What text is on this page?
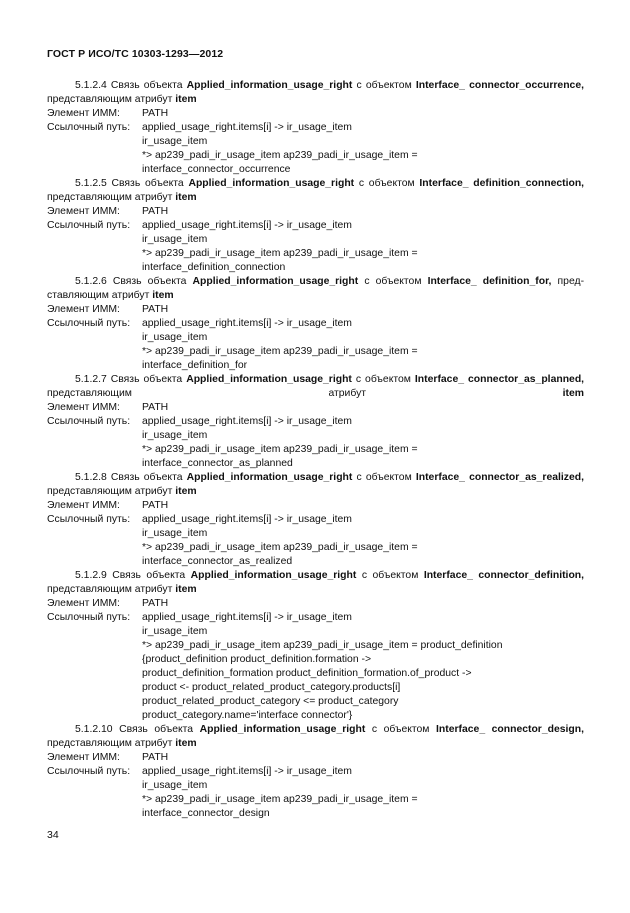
ГОСТ Р ИСО/ТС 10303-1293—2012
5.1.2.4 Связь объекта Applied_information_usage_right с объектом Interface_ connector_occurrence, представляющим атрибут item
Элемент ИММ:	PATH
Ссылочный путь:	applied_usage_right.items[i] -> ir_usage_item
ir_usage_item
*> ap239_padi_ir_usage_item ap239_padi_ir_usage_item =
interface_connector_occurrence
5.1.2.5 Связь объекта Applied_information_usage_right с объектом Interface_ definition_connection, представляющим атрибут item
Элемент ИММ:	PATH
Ссылочный путь:	applied_usage_right.items[i] -> ir_usage_item
ir_usage_item
*> ap239_padi_ir_usage_item ap239_padi_ir_usage_item =
interface_definition_connection
5.1.2.6 Связь объекта Applied_information_usage_right с объектом Interface_ definition_for, пред-ставляющим атрибут item
Элемент ИММ:	PATH
Ссылочный путь:	applied_usage_right.items[i] -> ir_usage_item
ir_usage_item
*> ap239_padi_ir_usage_item ap239_padi_ir_usage_item =
interface_definition_for
5.1.2.7 Связь объекта Applied_information_usage_right с объектом Interface_ connector_as_planned, представляющим атрибут	item
Элемент ИММ:	PATH
Ссылочный путь:	applied_usage_right.items[i] -> ir_usage_item
ir_usage_item
*> ap239_padi_ir_usage_item ap239_padi_ir_usage_item =
interface_connector_as_planned
5.1.2.8 Связь объекта Applied_information_usage_right с объектом Interface_ connector_as_realized, представляющим атрибут item
Элемент ИММ:	PATH
Ссылочный путь:	applied_usage_right.items[i] -> ir_usage_item
ir_usage_item
*> ap239_padi_ir_usage_item ap239_padi_ir_usage_item =
interface_connector_as_realized
5.1.2.9 Связь объекта Applied_information_usage_right с объектом Interface_ connector_definition, представляющим атрибут item
Элемент ИММ:	PATH
Ссылочный путь:	applied_usage_right.items[i] -> ir_usage_item
ir_usage_item
*> ap239_padi_ir_usage_item ap239_padi_ir_usage_item = product_definition
{product_definition product_definition.formation ->
product_definition_formation product_definition_formation.of_product ->
product <- product_related_product_category.products[i]
product_related_product_category <= product_category
product_category.name='interface connector'}
5.1.2.10 Связь объекта Applied_information_usage_right с объектом Interface_ connector_design, представляющим атрибут item
Элемент ИММ:	PATH
Ссылочный путь:	applied_usage_right.items[i] -> ir_usage_item
ir_usage_item
*> ap239_padi_ir_usage_item ap239_padi_ir_usage_item =
interface_connector_design
34
